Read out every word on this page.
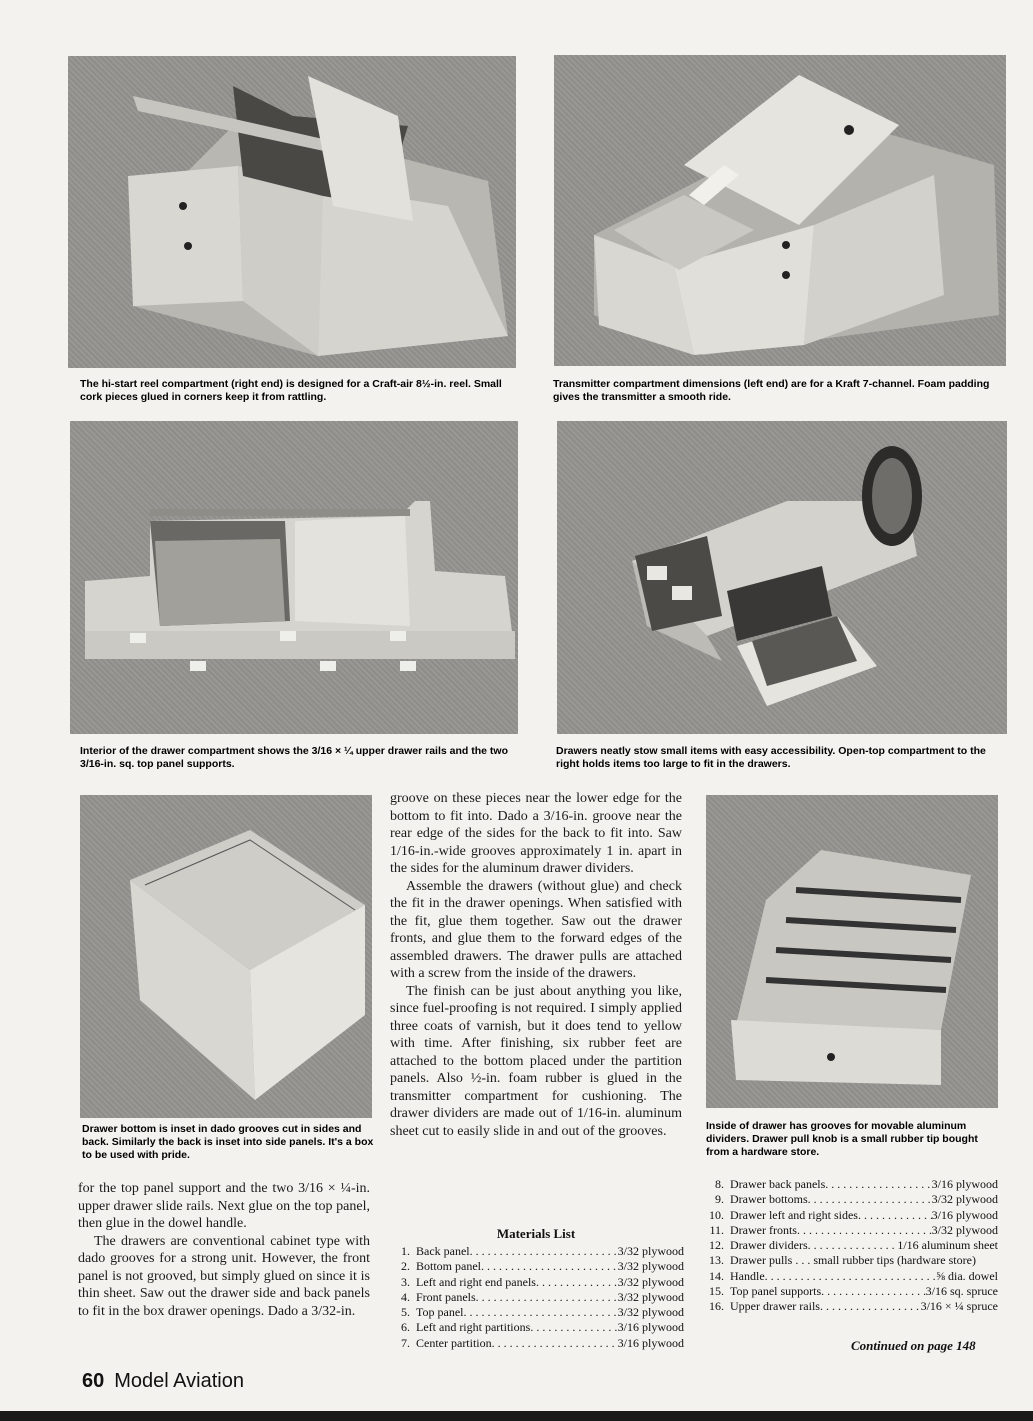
The hi-start reel compartment (right end) is designed for a Craft-air 8½-in. reel. Small cork pieces glued in corners keep it from rattling.

Transmitter compartment dimensions (left end) are for a Kraft 7-channel. Foam padding gives the transmitter a smooth ride.

Interior of the drawer compartment shows the 3/16 × ¼ upper drawer rails and the two 3/16-in. sq. top panel supports.

Drawers neatly stow small items with easy accessibility. Open-top compartment to the right holds items too large to fit in the drawers.

Drawer bottom is inset in dado grooves cut in sides and back. Similarly the back is inset into side panels. It's a box to be used with pride.

Inside of drawer has grooves for movable aluminum dividers. Drawer pull knob is a small rubber tip bought from a hardware store.

for the top panel support and the two 3/16 × ¼-in. upper drawer slide rails. Next glue on the top panel, then glue in the dowel handle.

The drawers are conventional cabinet type with dado grooves for a strong unit. However, the front panel is not grooved, but simply glued on since it is thin sheet. Saw out the drawer side and back panels to fit in the box drawer openings. Dado a 3/32-in.

groove on these pieces near the lower edge for the bottom to fit into. Dado a 3/16-in. groove near the rear edge of the sides for the back to fit into. Saw 1/16-in.-wide grooves approximately 1 in. apart in the sides for the aluminum drawer dividers.

Assemble the drawers (without glue) and check the fit in the drawer openings. When satisfied with the fit, glue them together. Saw out the drawer fronts, and glue them to the forward edges of the assembled drawers. The drawer pulls are attached with a screw from the inside of the drawers.

The finish can be just about anything you like, since fuel-proofing is not required. I simply applied three coats of varnish, but it does tend to yellow with time. After finishing, six rubber feet are attached to the bottom placed under the partition panels. Also ½-in. foam rubber is glued in the transmitter compartment for cushioning. The drawer dividers are made out of 1/16-in. aluminum sheet cut to easily slide in and out of the grooves.

Materials List
1. Back panel . . .	3/32 plywood
2. Bottom panel . . .	3/32 plywood
3. Left and right end panels . . .	3/32 plywood
4. Front panels . . .	3/32 plywood
5. Top panel . . .	3/32 plywood
6. Left and right partitions . . .	3/16 plywood
7. Center partition . . .	3/16 plywood
8. Drawer back panels . . .	3/16 plywood
9. Drawer bottoms . . .	3/32 plywood
10. Drawer left and right sides . . .	3/16 plywood
11. Drawer fronts . . .	3/32 plywood
12. Drawer dividers . . .	1/16 aluminum sheet
13. Drawer pulls . . . small rubber tips (hardware store)
14. Handle . . .	⅝ dia. dowel
15. Top panel supports . . .	3/16 sq. spruce
16. Upper drawer rails . . .	3/16 × ¼ spruce
Continued on page 148
60 Model Aviation
